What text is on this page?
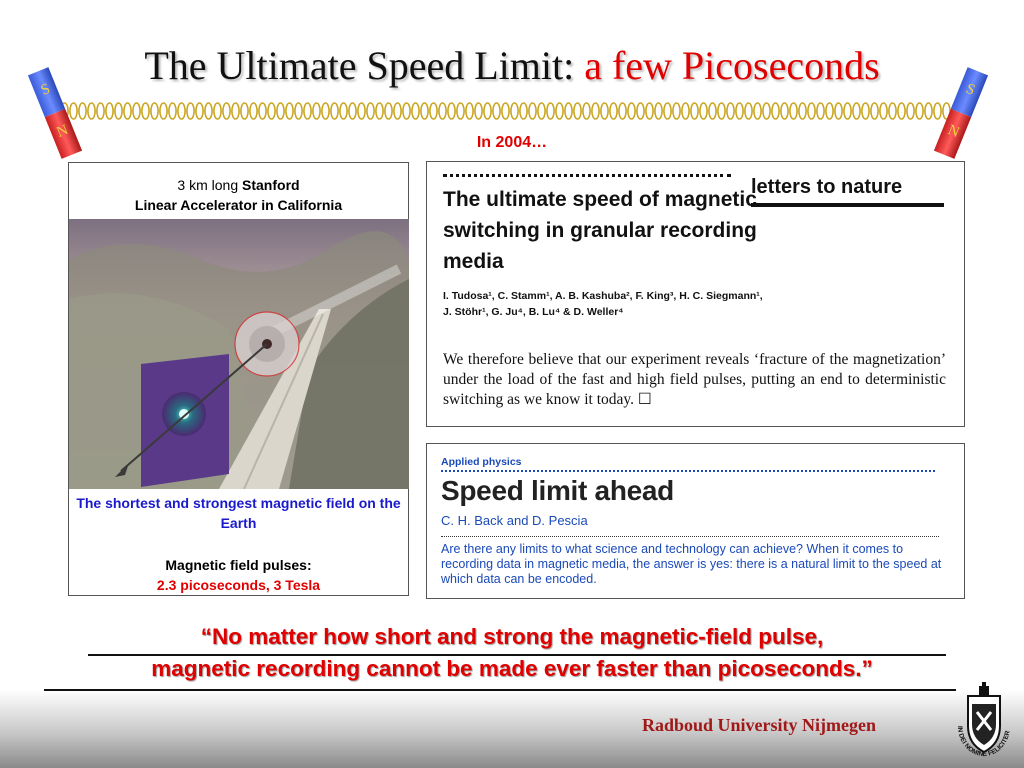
The Ultimate Speed Limit: a few Picoseconds
S
N
S
N
In 2004…
3 km long Stanford
Linear Accelerator in California
The shortest and strongest magnetic field on the Earth
Magnetic field pulses:
2.3 picoseconds, 3 Tesla
letters to nature
The ultimate speed of magnetic switching in granular recording media
I. Tudosa¹, C. Stamm¹, A. B. Kashuba², F. King³, H. C. Siegmann¹,
J. Stöhr¹, G. Ju⁴, B. Lu⁴ & D. Weller⁴
We therefore believe that our experiment reveals ‘fracture of the magnetization’ under the load of the fast and high field pulses, putting an end to deterministic switching as we know it today. ☐
Applied physics
Speed limit ahead
C. H. Back and D. Pescia
Are there any limits to what science and technology can achieve? When it comes to recording data in magnetic media, the answer is yes: there is a natural limit to the speed at which data can be encoded.
“No matter how short and strong the magnetic-field pulse,
magnetic recording cannot be made ever faster than picoseconds.”
Radboud University Nijmegen	IN DEI NOMINE FELICITER
